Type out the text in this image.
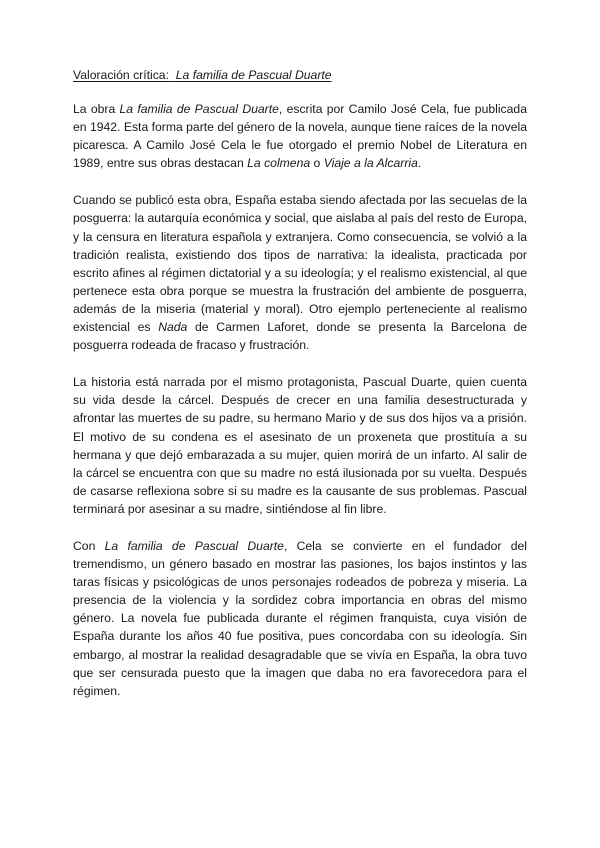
Valoración crítica: La familia de Pascual Duarte

La obra La familia de Pascual Duarte, escrita por Camilo José Cela, fue publicada en 1942. Esta forma parte del género de la novela, aunque tiene raíces de la novela picaresca. A Camilo José Cela le fue otorgado el premio Nobel de Literatura en 1989, entre sus obras destacan La colmena o Viaje a la Alcarria.

Cuando se publicó esta obra, España estaba siendo afectada por las secuelas de la posguerra: la autarquía económica y social, que aislaba al país del resto de Europa, y la censura en literatura española y extranjera. Como consecuencia, se volvió a la tradición realista, existiendo dos tipos de narrativa: la idealista, practicada por escrito afines al régimen dictatorial y a su ideología; y el realismo existencial, al que pertenece esta obra porque se muestra la frustración del ambiente de posguerra, además de la miseria (material y moral). Otro ejemplo perteneciente al realismo existencial es Nada de Carmen Laforet, donde se presenta la Barcelona de posguerra rodeada de fracaso y frustración.

La historia está narrada por el mismo protagonista, Pascual Duarte, quien cuenta su vida desde la cárcel. Después de crecer en una familia desestructurada y afrontar las muertes de su padre, su hermano Mario y de sus dos hijos va a prisión. El motivo de su condena es el asesinato de un proxeneta que prostituía a su hermana y que dejó embarazada a su mujer, quien morirá de un infarto. Al salir de la cárcel se encuentra con que su madre no está ilusionada por su vuelta. Después de casarse reflexiona sobre si su madre es la causante de sus problemas. Pascual terminará por asesinar a su madre, sintiéndose al fin libre.

Con La familia de Pascual Duarte, Cela se convierte en el fundador del tremendismo, un género basado en mostrar las pasiones, los bajos instintos y las taras físicas y psicológicas de unos personajes rodeados de pobreza y miseria. La presencia de la violencia y la sordidez cobra importancia en obras del mismo género. La novela fue publicada durante el régimen franquista, cuya visión de España durante los años 40 fue positiva, pues concordaba con su ideología. Sin embargo, al mostrar la realidad desagradable que se vivía en España, la obra tuvo que ser censurada puesto que la imagen que daba no era favorecedora para el régimen.
